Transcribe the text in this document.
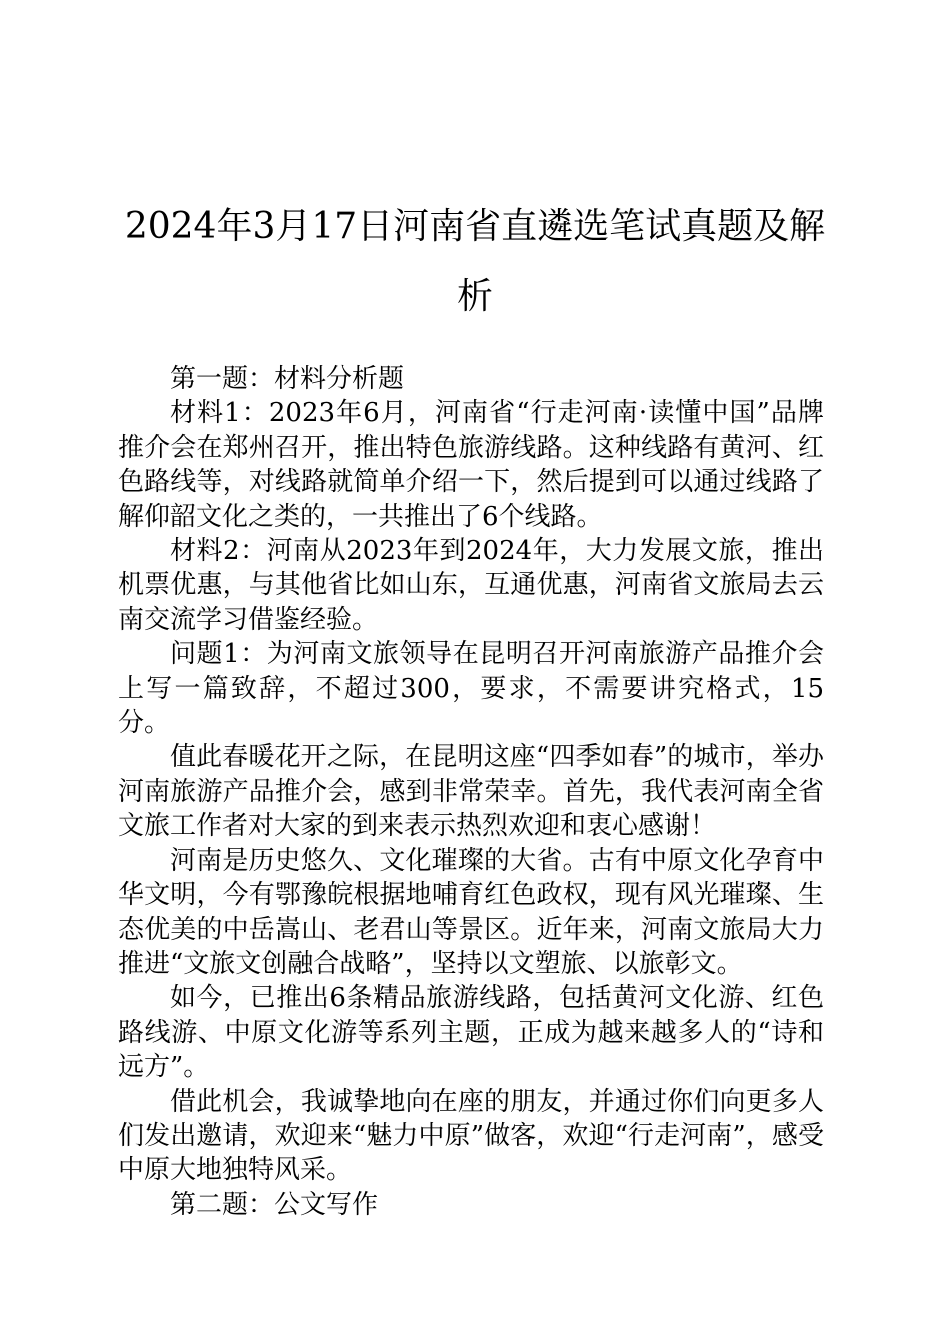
2024年3月17日河南省直遴选笔试真题及解析

第一题：材料分析题

材料1：2023年6月，河南省“行走河南·读懂中国”品牌推介会在郑州召开，推出特色旅游线路。这种线路有黄河、红色路线等，对线路就简单介绍一下，然后提到可以通过线路了解仰韶文化之类的，一共推出了6个线路。

材料2：河南从2023年到2024年，大力发展文旅，推出机票优惠，与其他省比如山东，互通优惠，河南省文旅局去云南交流学习借鉴经验。

问题1：为河南文旅领导在昆明召开河南旅游产品推介会上写一篇致辞，不超过300，要求，不需要讲究格式，15分。

值此春暖花开之际，在昆明这座“四季如春”的城市，举办河南旅游产品推介会，感到非常荣幸。首先，我代表河南全省文旅工作者对大家的到来表示热烈欢迎和衷心感谢！

河南是历史悠久、文化璀璨的大省。古有中原文化孕育中华文明，今有鄂豫皖根据地哺育红色政权，现有风光璀璨、生态优美的中岳嵩山、老君山等景区。近年来，河南文旅局大力推进“文旅文创融合战略”，坚持以文塑旅、以旅彰文。

如今，已推出6条精品旅游线路，包括黄河文化游、红色路线游、中原文化游等系列主题，正成为越来越多人的“诗和远方”。

借此机会，我诚挚地向在座的朋友，并通过你们向更多人们发出邀请，欢迎来“魅力中原”做客，欢迎“行走河南”，感受中原大地独特风采。

第二题：公文写作
